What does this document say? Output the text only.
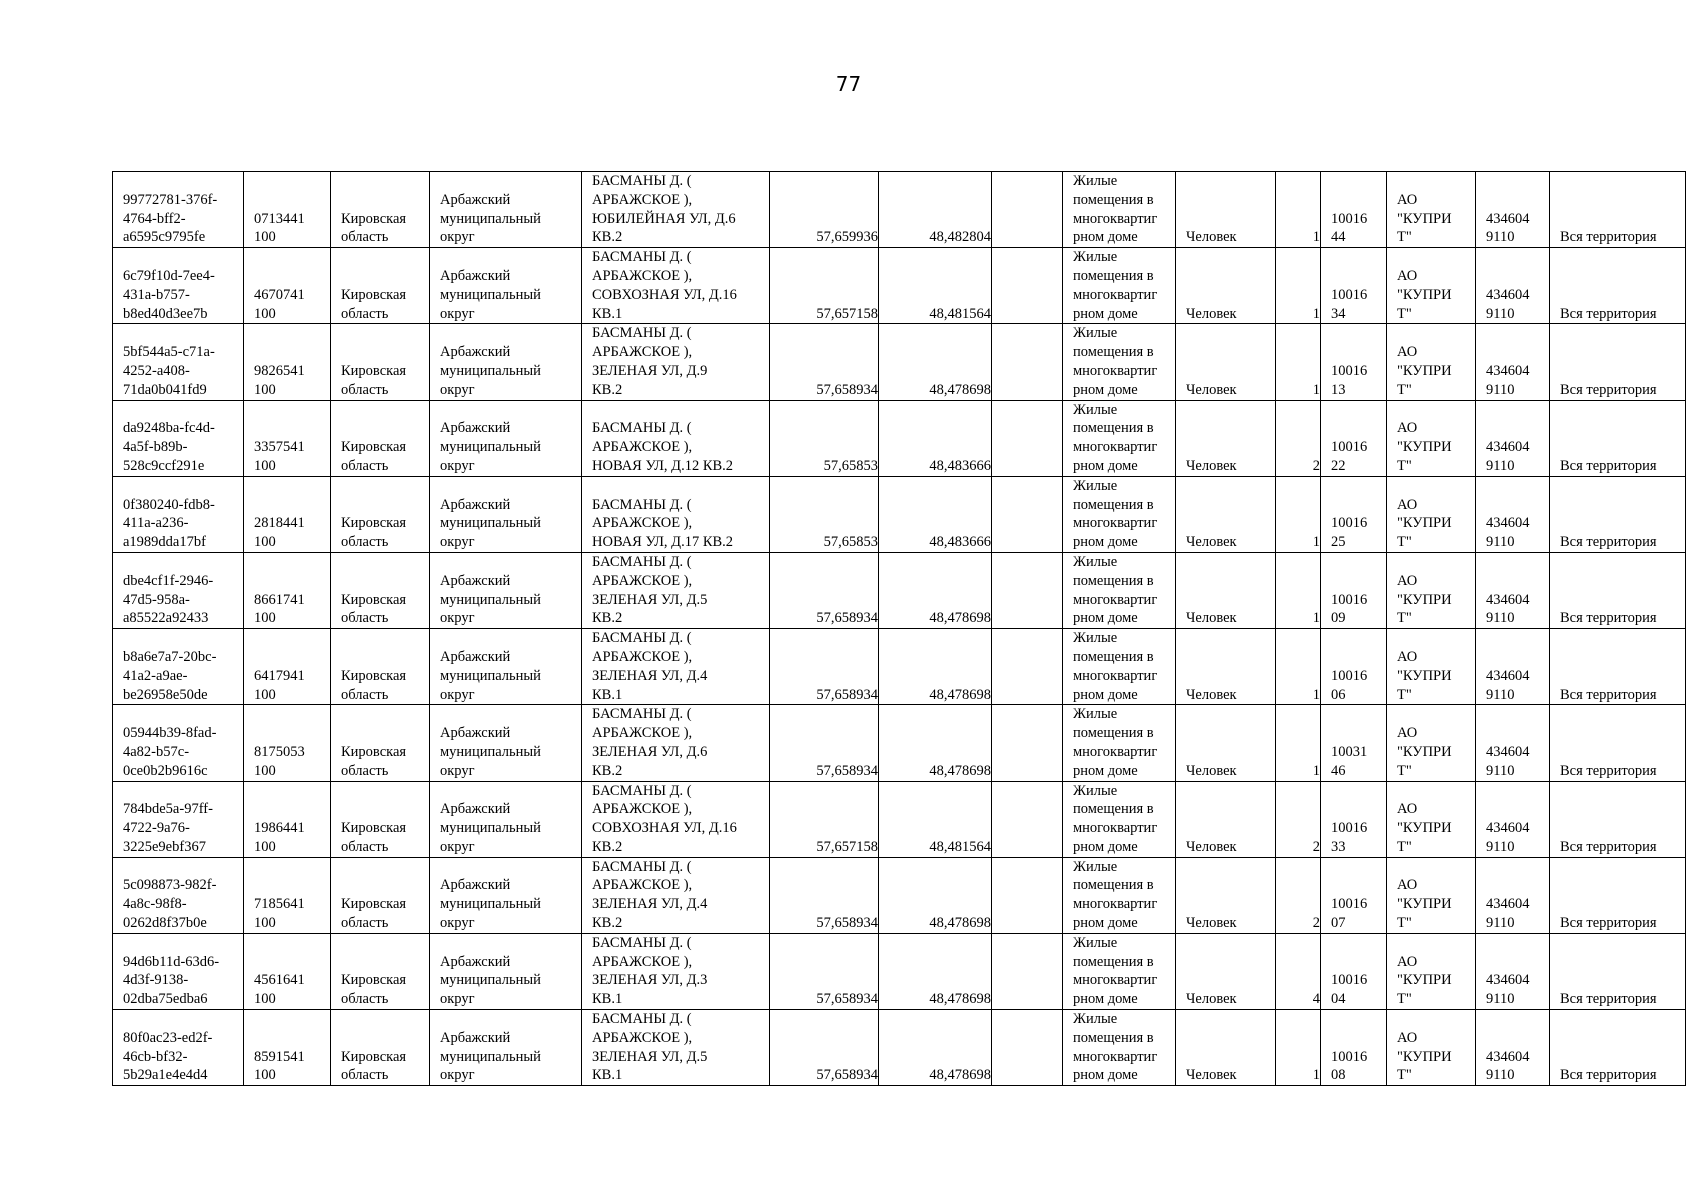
77
99772781-376f-
4764-bff2-
a6595c9795fe	0713441
100	Кировская
область	Арбажский
муниципальный
округ	БАСМАНЫ Д. (
АРБАЖСКОЕ ),
ЮБИЛЕЙНАЯ УЛ, Д.6
КВ.2	57,659936	48,482804		Жилые
помещения в
многоквартиг
рном доме	Человек	1	10016
44	АО
"КУПРИ
Т"	434604
9110	Вся территория
6c79f10d-7ee4-
431a-b757-
b8ed40d3ee7b	4670741
100	Кировская
область	Арбажский
муниципальный
округ	БАСМАНЫ Д. (
АРБАЖСКОЕ ),
СОВХОЗНАЯ УЛ, Д.16
КВ.1	57,657158	48,481564		Жилые
помещения в
многоквартиг
рном доме	Человек	1	10016
34	АО
"КУПРИ
Т"	434604
9110	Вся территория
5bf544a5-c71a-
4252-a408-
71da0b041fd9	9826541
100	Кировская
область	Арбажский
муниципальный
округ	БАСМАНЫ Д. (
АРБАЖСКОЕ ),
ЗЕЛЕНАЯ УЛ, Д.9
КВ.2	57,658934	48,478698		Жилые
помещения в
многоквартиг
рном доме	Человек	1	10016
13	АО
"КУПРИ
Т"	434604
9110	Вся территория
da9248ba-fc4d-
4a5f-b89b-
528c9ccf291e	3357541
100	Кировская
область	Арбажский
муниципальный
округ	БАСМАНЫ Д. (
АРБАЖСКОЕ ),
НОВАЯ УЛ, Д.12 КВ.2	57,65853	48,483666		Жилые
помещения в
многоквартиг
рном доме	Человек	2	10016
22	АО
"КУПРИ
Т"	434604
9110	Вся территория
0f380240-fdb8-
411a-a236-
a1989dda17bf	2818441
100	Кировская
область	Арбажский
муниципальный
округ	БАСМАНЫ Д. (
АРБАЖСКОЕ ),
НОВАЯ УЛ, Д.17 КВ.2	57,65853	48,483666		Жилые
помещения в
многоквартиг
рном доме	Человек	1	10016
25	АО
"КУПРИ
Т"	434604
9110	Вся территория
dbe4cf1f-2946-
47d5-958a-
a85522a92433	8661741
100	Кировская
область	Арбажский
муниципальный
округ	БАСМАНЫ Д. (
АРБАЖСКОЕ ),
ЗЕЛЕНАЯ УЛ, Д.5
КВ.2	57,658934	48,478698		Жилые
помещения в
многоквартиг
рном доме	Человек	1	10016
09	АО
"КУПРИ
Т"	434604
9110	Вся территория
b8a6e7a7-20bc-
41a2-a9ae-
be26958e50de	6417941
100	Кировская
область	Арбажский
муниципальный
округ	БАСМАНЫ Д. (
АРБАЖСКОЕ ),
ЗЕЛЕНАЯ УЛ, Д.4
КВ.1	57,658934	48,478698		Жилые
помещения в
многоквартиг
рном доме	Человек	1	10016
06	АО
"КУПРИ
Т"	434604
9110	Вся территория
05944b39-8fad-
4a82-b57c-
0ce0b2b9616c	8175053
100	Кировская
область	Арбажский
муниципальный
округ	БАСМАНЫ Д. (
АРБАЖСКОЕ ),
ЗЕЛЕНАЯ УЛ, Д.6
КВ.2	57,658934	48,478698		Жилые
помещения в
многоквартиг
рном доме	Человек	1	10031
46	АО
"КУПРИ
Т"	434604
9110	Вся территория
784bde5a-97ff-
4722-9a76-
3225e9ebf367	1986441
100	Кировская
область	Арбажский
муниципальный
округ	БАСМАНЫ Д. (
АРБАЖСКОЕ ),
СОВХОЗНАЯ УЛ, Д.16
КВ.2	57,657158	48,481564		Жилые
помещения в
многоквартиг
рном доме	Человек	2	10016
33	АО
"КУПРИ
Т"	434604
9110	Вся территория
5c098873-982f-
4a8c-98f8-
0262d8f37b0e	7185641
100	Кировская
область	Арбажский
муниципальный
округ	БАСМАНЫ Д. (
АРБАЖСКОЕ ),
ЗЕЛЕНАЯ УЛ, Д.4
КВ.2	57,658934	48,478698		Жилые
помещения в
многоквартиг
рном доме	Человек	2	10016
07	АО
"КУПРИ
Т"	434604
9110	Вся территория
94d6b11d-63d6-
4d3f-9138-
02dba75edba6	4561641
100	Кировская
область	Арбажский
муниципальный
округ	БАСМАНЫ Д. (
АРБАЖСКОЕ ),
ЗЕЛЕНАЯ УЛ, Д.3
КВ.1	57,658934	48,478698		Жилые
помещения в
многоквартиг
рном доме	Человек	4	10016
04	АО
"КУПРИ
Т"	434604
9110	Вся территория
80f0ac23-ed2f-
46cb-bf32-
5b29a1e4e4d4	8591541
100	Кировская
область	Арбажский
муниципальный
округ	БАСМАНЫ Д. (
АРБАЖСКОЕ ),
ЗЕЛЕНАЯ УЛ, Д.5
КВ.1	57,658934	48,478698		Жилые
помещения в
многоквартиг
рном доме	Человек	1	10016
08	АО
"КУПРИ
Т"	434604
9110	Вся территория
